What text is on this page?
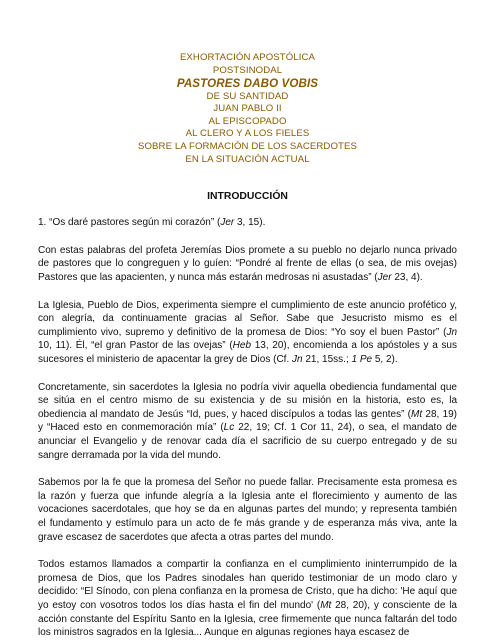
EXHORTACIÓN APOSTÓLICA
POSTSINODAL
PASTORES DABO VOBIS
DE SU SANTIDAD
JUAN PABLO II
AL EPISCOPADO
AL CLERO Y A LOS FIELES
SOBRE LA FORMACIÓN DE LOS SACERDOTES
EN LA SITUACIÓN ACTUAL
INTRODUCCIÓN

1. “Os daré pastores según mi corazón” (Jer 3, 15).

Con estas palabras del profeta Jeremías Dios promete a su pueblo no dejarlo nunca privado de pastores que lo congreguen y lo guíen: “Pondré al frente de ellas (o sea, de mis ovejas) Pastores que las apacienten, y nunca más estarán medrosas ni asustadas” (Jer 23, 4).

La Iglesia, Pueblo de Dios, experimenta siempre el cumplimiento de este anuncio profético y, con alegría, da continuamente gracias al Señor. Sabe que Jesucristo mismo es el cumplimiento vivo, supremo y definitivo de la promesa de Dios: “Yo soy el buen Pastor” (Jn 10, 11). Él, “el gran Pastor de las ovejas” (Heb 13, 20), encomienda a los apóstoles y a sus sucesores el ministerio de apacentar la grey de Dios (Cf. Jn 21, 15ss.; 1 Pe 5, 2).

Concretamente, sin sacerdotes la Iglesia no podría vivir aquella obediencia fundamental que se sitúa en el centro mismo de su existencia y de su misión en la historia, esto es, la obediencia al mandato de Jesús “Id, pues, y haced discípulos a todas las gentes” (Mt 28, 19) y “Haced esto en conmemoración mía” (Lc 22, 19; Cf. 1 Cor 11, 24), o sea, el mandato de anunciar el Evangelio y de renovar cada día el sacrificio de su cuerpo entregado y de su sangre derramada por la vida del mundo.

Sabemos por la fe que la promesa del Señor no puede fallar. Precisamente esta promesa es la razón y fuerza que infunde alegría a la Iglesia ante el florecimiento y aumento de las vocaciones sacerdotales, que hoy se da en algunas partes del mundo; y representa también el fundamento y estímulo para un acto de fe más grande y de esperanza más viva, ante la grave escasez de sacerdotes que afecta a otras partes del mundo.

Todos estamos llamados a compartir la confianza en el cumplimiento ininterrumpido de la promesa de Dios, que los Padres sinodales han querido testimoniar de un modo claro y decidido: “El Sínodo, con plena confianza en la promesa de Cristo, que ha dicho: 'He aquí que yo estoy con vosotros todos los días hasta el fin del mundo' (Mt 28, 20), y consciente de la acción constante del Espíritu Santo en la Iglesia, cree firmemente que nunca faltarán del todo los ministros sagrados en la Iglesia... Aunque en algunas regiones haya escasez de
